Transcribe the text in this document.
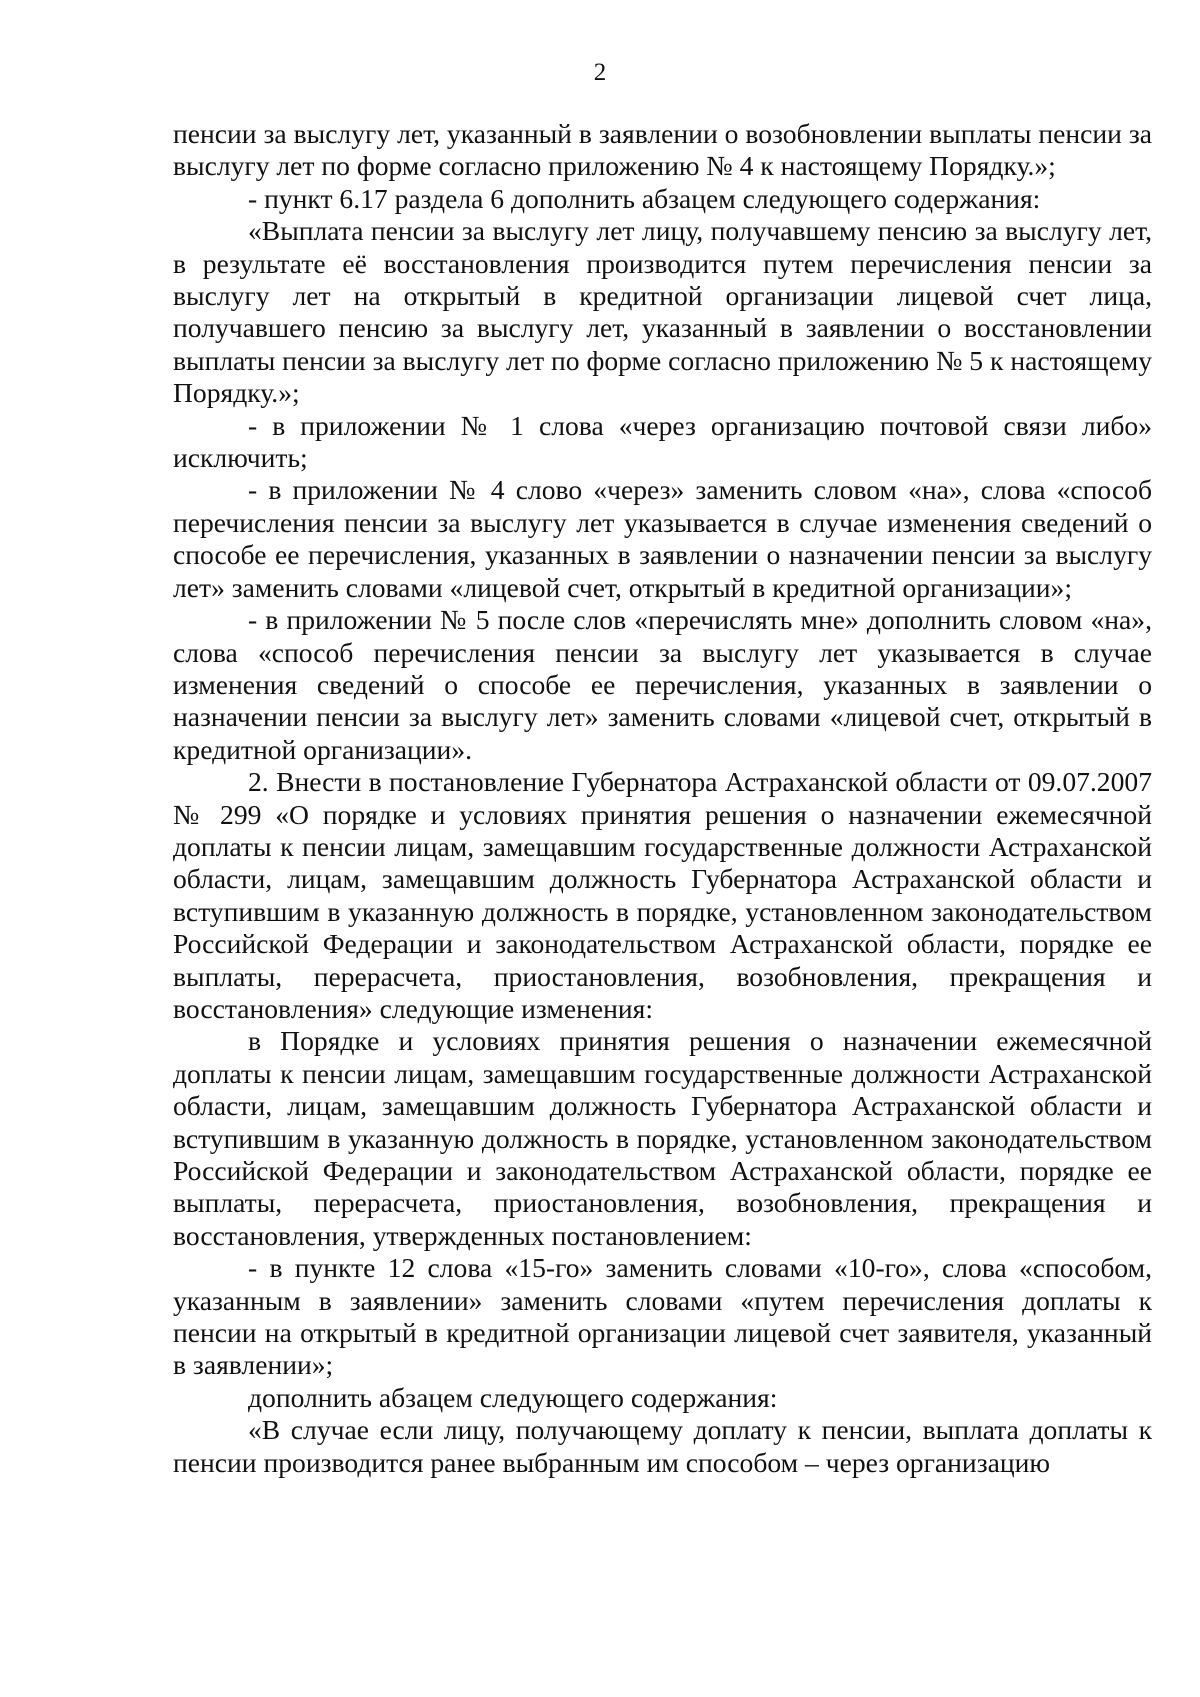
2

пенсии за выслугу лет, указанный в заявлении о возобновлении выплаты пенсии за выслугу лет по форме согласно приложению № 4 к настоящему Порядку.»;

- пункт 6.17 раздела 6 дополнить абзацем следующего содержания:

«Выплата пенсии за выслугу лет лицу, получавшему пенсию за выслугу лет, в результате её восстановления производится путем перечисления пенсии за выслугу лет на открытый в кредитной организации лицевой счет лица, получавшего пенсию за выслугу лет, указанный в заявлении о восстановлении выплаты пенсии за выслугу лет по форме согласно приложению № 5 к настоящему Порядку.»;

- в приложении № 1 слова «через организацию почтовой связи либо» исключить;

- в приложении № 4 слово «через» заменить словом «на», слова «способ перечисления пенсии за выслугу лет указывается в случае изменения сведений о способе ее перечисления, указанных в заявлении о назначении пенсии за выслугу лет» заменить словами «лицевой счет, открытый в кредитной организации»;

- в приложении № 5 после слов «перечислять мне» дополнить словом «на», слова «способ перечисления пенсии за выслугу лет указывается в случае изменения сведений о способе ее перечисления, указанных в заявлении о назначении пенсии за выслугу лет» заменить словами «лицевой счет, открытый в кредитной организации».

2. Внести в постановление Губернатора Астраханской области от 09.07.2007 № 299 «О порядке и условиях принятия решения о назначении ежемесячной доплаты к пенсии лицам, замещавшим государственные должности Астраханской области, лицам, замещавшим должность Губернатора Астраханской области и вступившим в указанную должность в порядке, установленном законодательством Российской Федерации и законодательством Астраханской области, порядке ее выплаты, перерасчета, приостановления, возобновления, прекращения и восстановления» следующие изменения:

в Порядке и условиях принятия решения о назначении ежемесячной доплаты к пенсии лицам, замещавшим государственные должности Астраханской области, лицам, замещавшим должность Губернатора Астраханской области и вступившим в указанную должность в порядке, установленном законодательством Российской Федерации и законодательством Астраханской области, порядке ее выплаты, перерасчета, приостановления, возобновления, прекращения и восстановления, утвержденных постановлением:

- в пункте 12 слова «15-го» заменить словами «10-го», слова «способом, указанным в заявлении» заменить словами «путем перечисления доплаты к пенсии на открытый в кредитной организации лицевой счет заявителя, указанный в заявлении»;

дополнить абзацем следующего содержания:

«В случае если лицу, получающему доплату к пенсии, выплата доплаты к пенсии производится ранее выбранным им способом – через организацию
